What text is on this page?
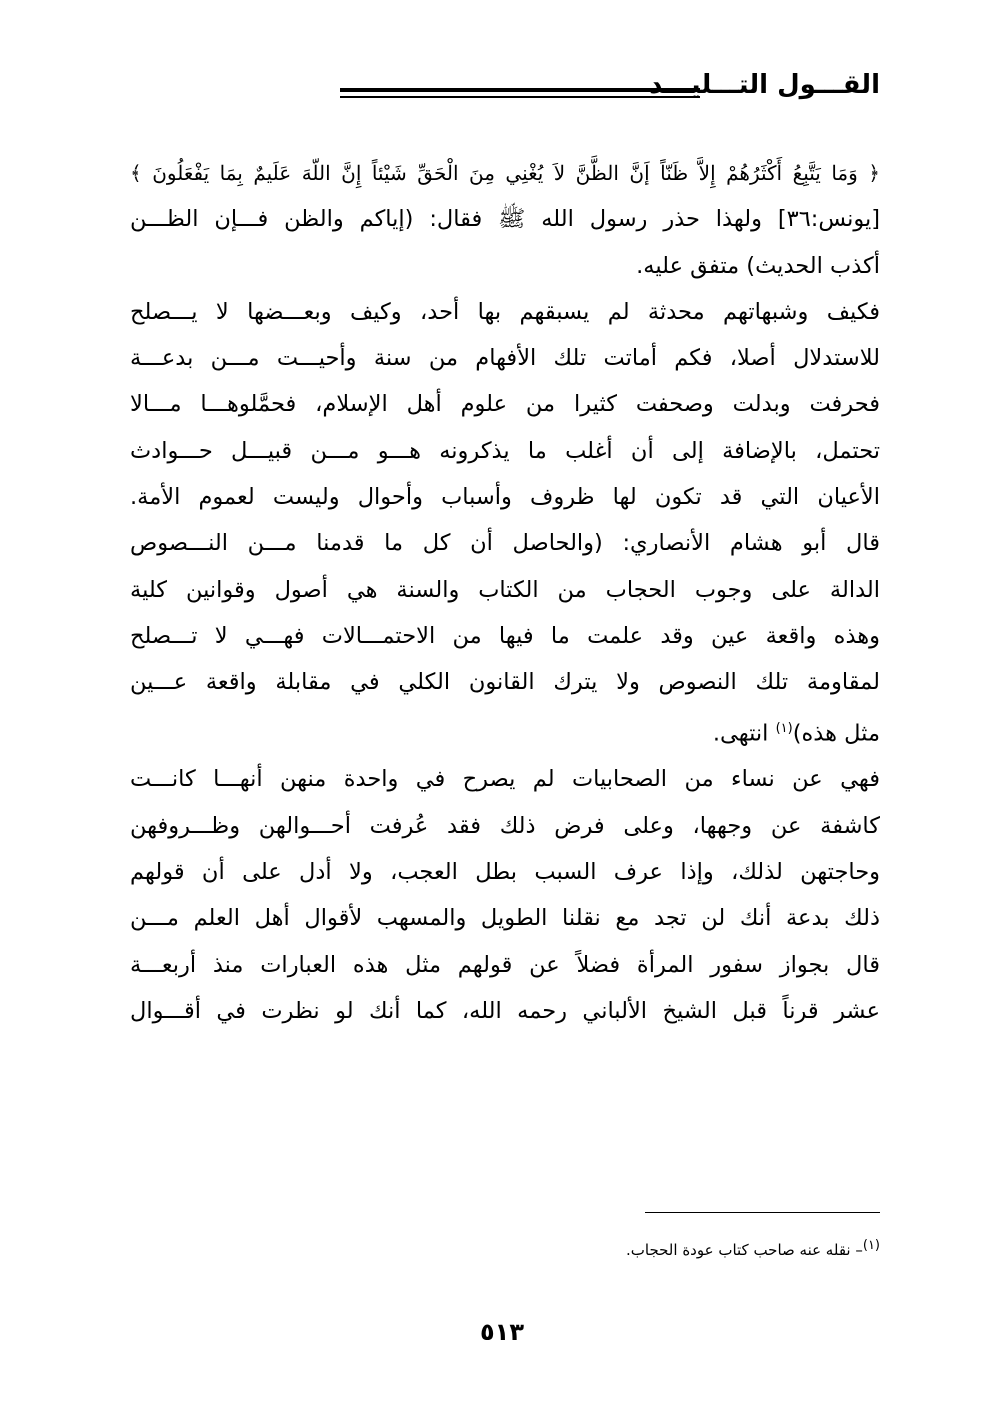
القـــول التـــليـــد
﴿ وَمَا يَتَّبِعُ أَكْثَرُهُمْ إِلاَّ ظَنّاً إَنَّ الظَّنَّ لاَ يُغْنِي مِنَ الْحَقِّ شَيْئاً إِنَّ اللّهَ عَلَيمٌ بِمَا يَفْعَلُونَ ﴾
[يونس:٣٦] ولهذا حذر رسول الله ﷺ فقال: (إياكم والظن فـــإن الظـــن
أكذب الحديث) متفق عليه.
فكيف وشبهاتهم محدثة لم يسبقهم بها أحد، وكيف وبعـــضها لا يـــصلح
للاستدلال أصلا، فكم أماتت تلك الأفهام من سنة وأحيـــت مـــن بدعـــة
فحرفت وبدلت وصحفت كثيرا من علوم أهل الإسلام، فحمَّلوهـــا مـــالا
تحتمل، بالإضافة إلى أن أغلب ما يذكرونه هـــو مـــن قبيـــل حـــوادث
الأعيان التي قد تكون لها ظروف وأسباب وأحوال وليست لعموم الأمة.
قال أبو هشام الأنصاري: (والحاصل أن كل ما قدمنا مـــن النـــصوص
الدالة على وجوب الحجاب من الكتاب والسنة هي أصول وقوانين كلية
وهذه واقعة عين وقد علمت ما فيها من الاحتمـــالات فهـــي لا تـــصلح
لمقاومة تلك النصوص ولا يترك القانون الكلي في مقابلة واقعة عـــين
مثل هذه)$^{(١)}$ انتهى.
فهي عن نساء من الصحابيات لم يصرح في واحدة منهن أنهـــا كانـــت
كاشفة عن وجهها، وعلى فرض ذلك فقد عُرفت أحـــوالهن وظـــروفهن
وحاجتهن لذلك، وإذا عرف السبب بطل العجب، ولا أدل على أن قولهم
ذلك بدعة أنك لن تجد مع نقلنا الطويل والمسهب لأقوال أهل العلم مـــن
قال بجواز سفور المرأة فضلاً عن قولهم مثل هذه العبارات منذ أربعـــة
عشر قرناً قبل الشيخ الألباني رحمه الله، كما أنك لو نظرت في أقـــوال
$^{(١)}$– نقله عنه صاحب كتاب عودة الحجاب.
٥١٣
